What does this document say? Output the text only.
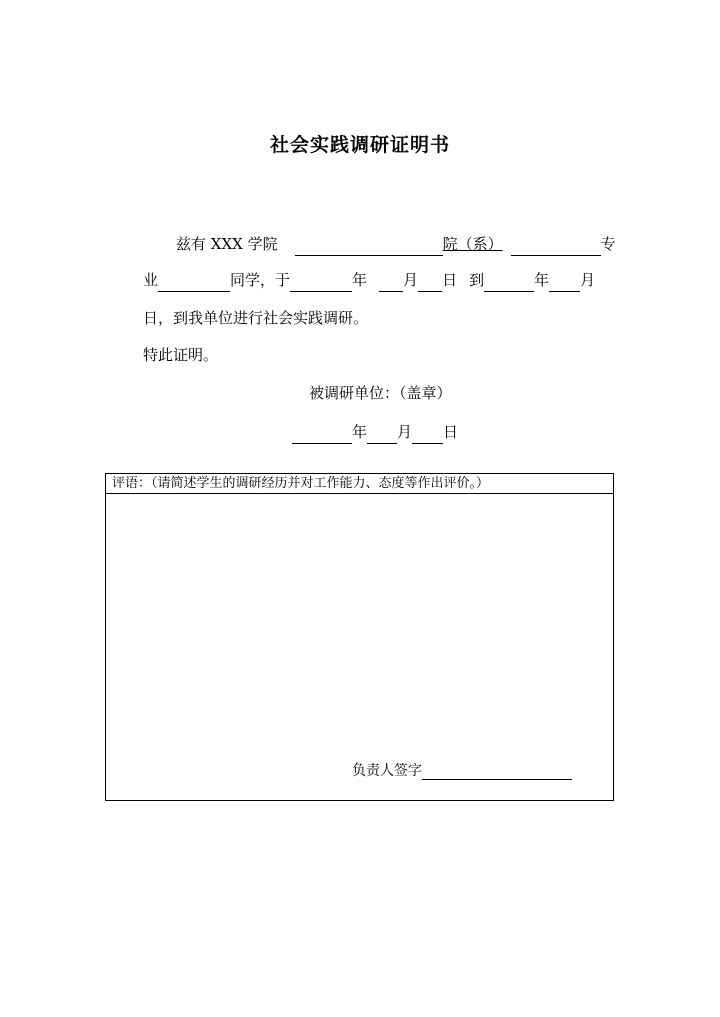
社会实践调研证明书
兹有 XXX 学院	院（系）	专
业	同学，于	年 月 日 到	年 月
日，到我单位进行社会实践调研。
特此证明。
被调研单位：（盖章）
年 月 日
评语：（请简述学生的调研经历并对工作能力、态度等作出评价。）
负责人签字
